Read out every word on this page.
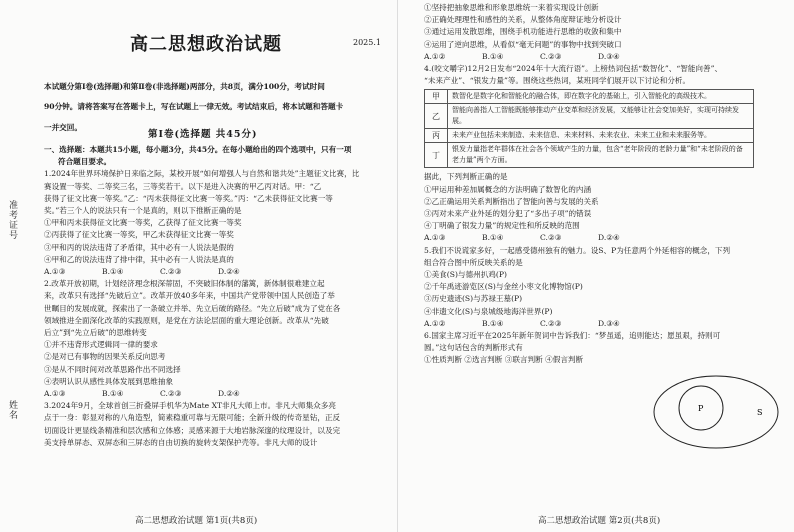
准考证号
姓名
高二思想政治试题	2025.1

本试题分第Ⅰ卷(选择题)和第Ⅱ卷(非选择题)两部分，共8页，满分100分，考试时间

90分钟。请将答案写在答题卡上，写在试题上一律无效。考试结束后，将本试题和答题卡

一并交回。

第Ⅰ卷(选择题 共45分)

一、选择题：本题共15小题，每小题3分，共45分。在每小题给出的四个选项中，只有一项

符合题目要求。

1.2024年世界环境保护日来临之际，某校开展“如何增强人与自然和谐共处”主题征文比赛，比

赛设置一等奖、二等奖三名，三等奖若干。以下是进入决赛的甲乙丙对话。甲：“乙

获得了征文比赛一等奖。”乙：“丙未获得征文比赛一等奖。”丙：“乙未获得征文比赛一等

奖。”若三个人的说法只有一个是真的，则以下推断正确的是

①甲和丙未获得征文比赛一等奖，乙获得了征文比赛一等奖

②丙获得了征文比赛一等奖，甲乙未获得征文比赛一等奖

③甲和丙的说法违背了矛盾律，其中必有一人说法是假的

④甲和乙的说法违背了排中律，其中必有一人说法是真的

A.①③	B.①④	C.②③	D.②④

2.改革开放初期，计划经济理念根深蒂固，不突破旧体制的藩篱，新体制很难建立起

来，改革只有选择“先破后立”。改革开放40多年来，中国共产党带领中国人民创造了举

世瞩目的发展成就，探索出了一条破立并举、先立后破的路径。“先立后破”成为了党在各

领域推进全面深化改革的实践原则，是党在方法论层面的重大理论创新。改革从“先破

后立”到“先立后破”的思维转变

①并不违背形式逻辑同一律的要求

②是对已有事物的因果关系反向思考

③是从不同时间对改革思路作出不同选择

④表明认识从感性具体发展到思维抽象

A.①③	B.①④	C.②③	D.②④

3.2024年9月，全球首创三折叠屏手机华为Mate XT非凡大师上市。非凡大师集众多亮

点于一身：彰显对称的八角造型，简素稳重可靠与无限可能；全新升级的传奇星钻，正反

切面设计更显线条精准和层次感和立体感；灵感来源于大地岩脉深邃的纹理设计，以及完

美支持单屏态、双屏态和三屏态的自由切换的旋转支架保护壳等。非凡大师的设计

高二思想政治试题 第1页(共8页)

①坚持把抽象思维和形象思维统一来着实现设计创新

②正确处理理性和感性的关系，从整体角度辩证地分析设计

③通过运用发散思维，围绕手机功能进行思维的收敛和集中

④运用了逆向思维，从看似“毫无问题”的事物中找到突破口

A.①②	B.①④	C.②③	D.③④

4.(咬文嚼字)12月2日发布“2024年十大流行语”。上榜热词包括“数智化”、“智能向善”、

“未来产业”、“银发力量”等。围绕这些热词，某班同学们展开以下讨论和分析。

甲	数智化是数字化和智能化的融合体，即在数字化的基础上，引入智能化的高级技术。
乙	智能向善指人工智能既能够推动产业变革和经济发展，又能够让社会变加美好，实现可持续发展。
丙	未来产业包括未来制造、未来信息、未来材料、未来农业、未来工业和未来服务等。
丁	银发力量指老年群体在社会各个领域产生的力量，包含“老年阶段的老龄力量”和“未老阶段的备老力量”两个方面。

据此，下列判断正确的是

①甲运用种差加属概念的方法明确了数智化的内涵

②乙正确运用关系判断指出了智能向善与发展的关系

③丙对未来产业外延的划分犯了“多出子项”的错误

④丁明确了银发力量”的规定性和所反映的范围

A.①③	B.①④	C.②③	D.②④

5.我们不说谎家多好，一起感受德州独有的魅力。设S、P为任意两个外延相容的概念，下列

组合符合图中所反映关系的是

①美食(S)与德州扒鸡(P)

②千年禹迹游览区(S)与金丝小枣文化博物馆(P)

③历史遗迹(S)与苏禄王墓(P)

④非遗文化(S)与泉城级地海洋世界(P)

A.①②	B.①④	C.②③	D.③④

6.国家主席习近平在2025年新年贺词中告诉我们：“梦虽遥，追则能达；愿虽艰，持则可

圆。”这句话包含的判断形式有

①性质判断 ②选言判断 ③联言判断 ④假言判断

P	S
高二思想政治试题 第2页(共8页)
